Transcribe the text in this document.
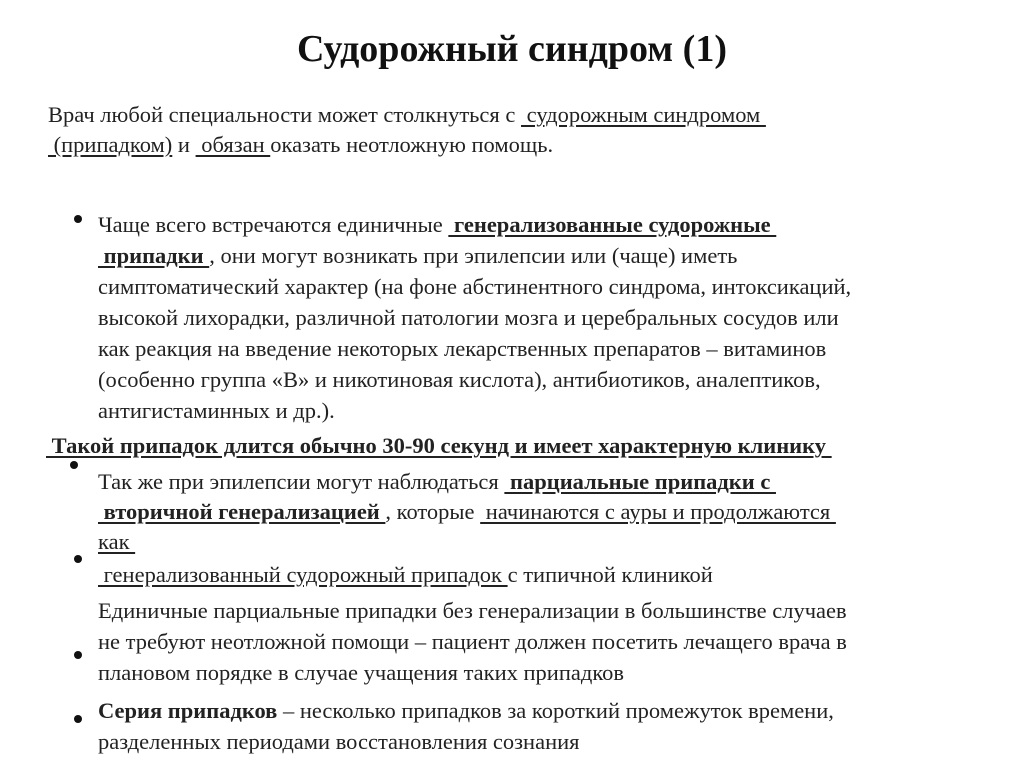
Судорожный синдром (1)
Врач любой специальности может столкнуться с  судорожным синдромом
(припадком) и  обязан оказать неотложную помощь.
Чаще всего встречаются единичные  генерализованные судорожные
припадки , они могут возникать при эпилепсии или (чаще) иметь
симптоматический характер (на фоне абстинентного синдрома, интоксикаций,
высокой лихорадки, различной патологии мозга и церебральных сосудов или
как реакция на введение некоторых лекарственных препаратов – витаминов
(особенно группа «В» и никотиновая кислота), антибиотиков, аналептиков,
антигистаминных и др.).
Такой припадок длится обычно 30-90 секунд и имеет характерную клинику
Так же при эпилепсии могут наблюдаться  парциальные припадки с
вторичной генерализацией , которые  начинаются с ауры и продолжаются
как
генерализованный судорожный припадок с типичной клиникой
Единичные парциальные припадки без генерализации в большинстве случаев
не требуют неотложной помощи – пациент должен посетить лечащего врача в
плановом порядке в случае учащения таких припадков
Серия припадков – несколько припадков за короткий промежуток времени,
разделенных периодами восстановления сознания
